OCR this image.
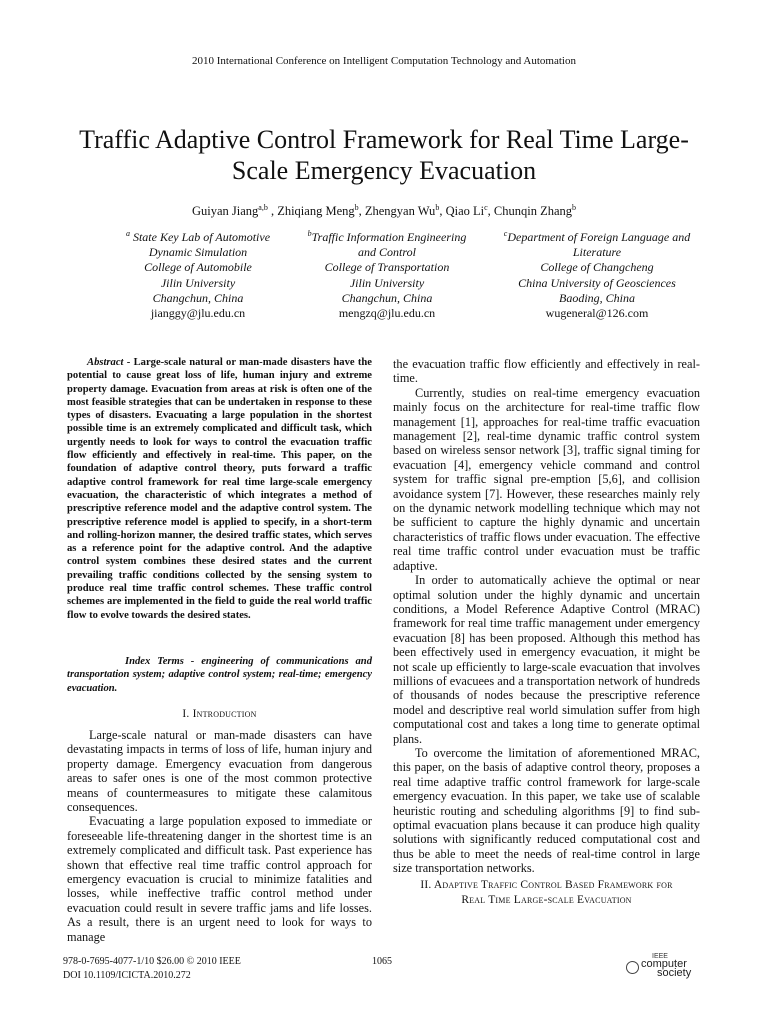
2010 International Conference on Intelligent Computation Technology and Automation
Traffic Adaptive Control Framework for Real Time Large-
Scale Emergency Evacuation
Guiyan Jiang$^{a,b}$ , Zhiqiang Meng$^b$, Zhengyan Wu$^b$, Qiao Li$^c$, Chunqin Zhang$^b$
$^a$ State Key Lab of Automotive
Dynamic Simulation
College of Automobile
Jilin University
Changchun, China
jianggy@jlu.edu.cn
$^b$Traffic Information Engineering
and Control
College of Transportation
Jilin University
Changchun, China
mengzq@jlu.edu.cn
$^c$Department of Foreign Language and
Literature
College of Changcheng
China University of Geosciences
Baoding, China
wugeneral@126.com

Abstract - Large-scale natural or man-made disasters have the potential to cause great loss of life, human injury and extreme property damage. Evacuation from areas at risk is often one of the most feasible strategies that can be undertaken in response to these types of disasters. Evacuating a large population in the shortest possible time is an extremely complicated and difficult task, which urgently needs to look for ways to control the evacuation traffic flow efficiently and effectively in real-time. This paper, on the foundation of adaptive control theory, puts forward a traffic adaptive control framework for real time large-scale emergency evacuation, the characteristic of which integrates a method of prescriptive reference model and the adaptive control system. The prescriptive reference model is applied to specify, in a short-term and rolling-horizon manner, the desired traffic states, which serves as a reference point for the adaptive control. And the adaptive control system combines these desired states and the current prevailing traffic conditions collected by the sensing system to produce real time traffic control schemes. These traffic control schemes are implemented in the field to guide the real world traffic flow to evolve towards the desired states.

Index Terms - engineering of communications and transportation system; adaptive control system; real-time; emergency evacuation.

I. Introduction

Large-scale natural or man-made disasters can have devastating impacts in terms of loss of life, human injury and property damage. Emergency evacuation from dangerous areas to safer ones is one of the most common protective means of countermeasures to mitigate these calamitous consequences.

Evacuating a large population exposed to immediate or foreseeable life-threatening danger in the shortest time is an extremely complicated and difficult task. Past experience has shown that effective real time traffic control approach for emergency evacuation is crucial to minimize fatalities and losses, while ineffective traffic control method under evacuation could result in severe traffic jams and life losses. As a result, there is an urgent need to look for ways to manage

the evacuation traffic flow efficiently and effectively in real-time.

Currently, studies on real-time emergency evacuation mainly focus on the architecture for real-time traffic flow management [1], approaches for real-time traffic evacuation management [2], real-time dynamic traffic control system based on wireless sensor network [3], traffic signal timing for evacuation [4], emergency vehicle command and control system for traffic signal pre-emption [5,6], and collision avoidance system [7]. However, these researches mainly rely on the dynamic network modelling technique which may not be sufficient to capture the highly dynamic and uncertain characteristics of traffic flows under evacuation. The effective real time traffic control under evacuation must be traffic adaptive.

In order to automatically achieve the optimal or near optimal solution under the highly dynamic and uncertain conditions, a Model Reference Adaptive Control (MRAC) framework for real time traffic management under emergency evacuation [8] has been proposed. Although this method has been effectively used in emergency evacuation, it might be not scale up efficiently to large-scale evacuation that involves millions of evacuees and a transportation network of hundreds of thousands of nodes because the prescriptive reference model and descriptive real world simulation suffer from high computational cost and takes a long time to generate optimal plans.

To overcome the limitation of aforementioned MRAC, this paper, on the basis of adaptive control theory, proposes a real time adaptive traffic control framework for large-scale emergency evacuation. In this paper, we take use of scalable heuristic routing and scheduling algorithms [9] to find sub-optimal evacuation plans because it can produce high quality solutions with significantly reduced computational cost and thus be able to meet the needs of real-time control in large size transportation networks.

II. Adaptive Traffic Control Based Framework for
Real Time Large-scale Evacuation
978-0-7695-4077-1/10 $26.00 © 2010 IEEE
DOI 10.1109/ICICTA.2010.272
1065	IEEE
computer
society
